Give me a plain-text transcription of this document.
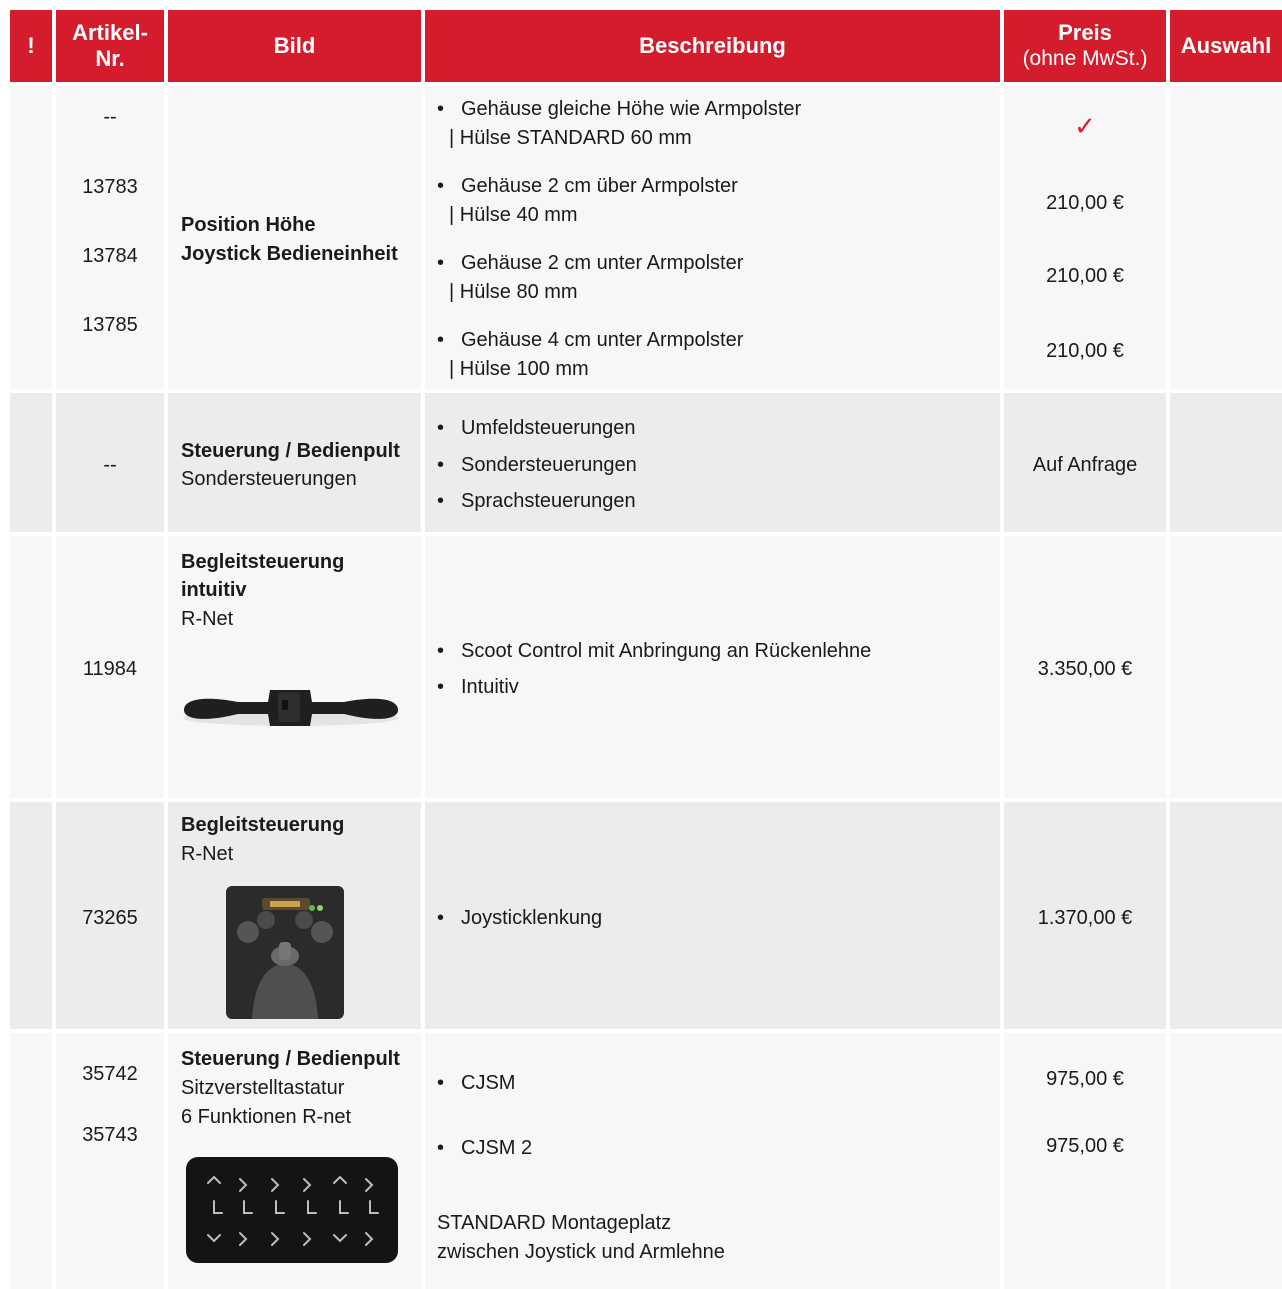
!
Artikel-
Nr.
Bild	Beschreibung
Preis
(ohne MwSt.)
Auswahl
--
13783
13784
13785
Position Höhe
Joystick Bedieneinheit
• Gehäuse gleiche Höhe wie Armpolster
| Hülse STANDARD 60 mm
• Gehäuse 2 cm über Armpolster
| Hülse 40 mm
• Gehäuse 2 cm unter Armpolster
| Hülse 80 mm
• Gehäuse 4 cm unter Armpolster
| Hülse 100 mm
✓
210,00 €
210,00 €
210,00 €
--
Steuerung / Bedienpult
Sondersteuerungen
• Umfeldsteuerungen
• Sondersteuerungen
• Sprachsteuerungen
Auf Anfrage
11984
Begleitsteuerung
intuitiv
R-Net
• Scoot Control mit Anbringung an Rückenlehne
• Intuitiv
3.350,00 €
73265
Begleitsteuerung
R-Net
• Joysticklenkung	1.370,00 €
35742
35743
Steuerung / Bedienpult
Sitzverstelltastatur
6 Funktionen R-net
• CJSM
• CJSM 2
STANDARD Montageplatz
zwischen Joystick und Armlehne
975,00 €
975,00 €
